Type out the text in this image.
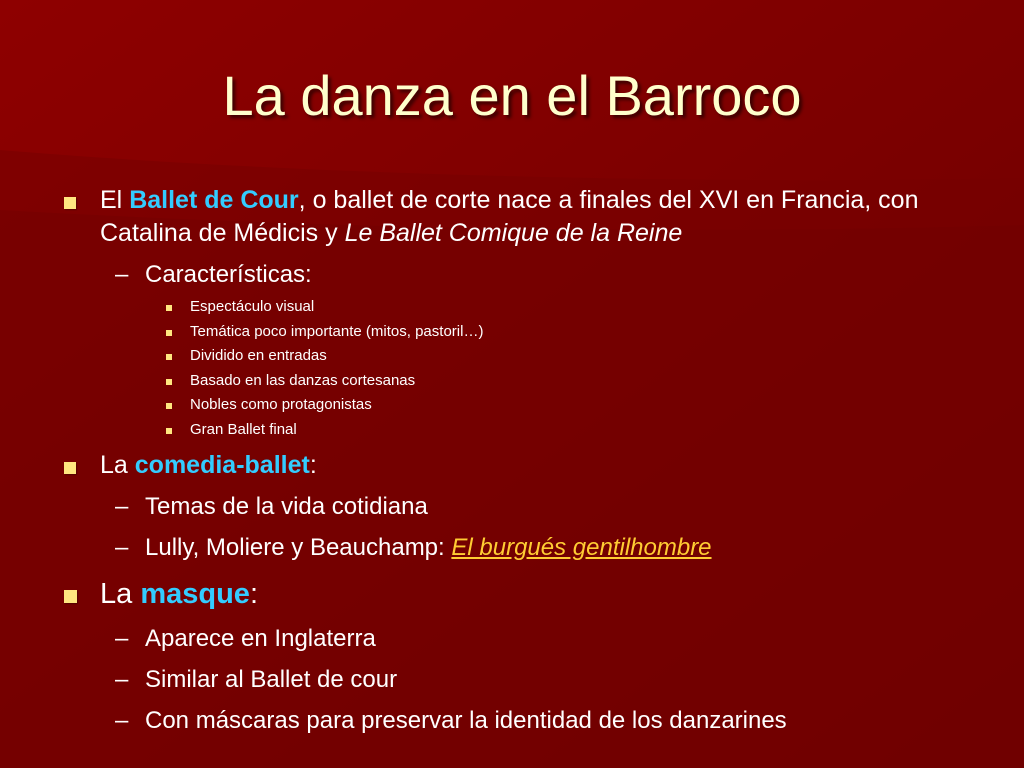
La danza en el Barroco
El Ballet de Cour, o ballet de corte nace a finales del XVI en Francia, con Catalina de Médicis y Le Ballet Comique de la Reine
– Características:
Espectáculo visual
Temática poco importante (mitos, pastoril…)
Dividido en entradas
Basado en las danzas cortesanas
Nobles como protagonistas
Gran Ballet final
La comedia-ballet:
– Temas de la vida cotidiana
– Lully, Moliere y Beauchamp: El burgués gentilhombre
La masque:
– Aparece en Inglaterra
– Similar al Ballet de cour
– Con máscaras para preservar la identidad de los danzarines
